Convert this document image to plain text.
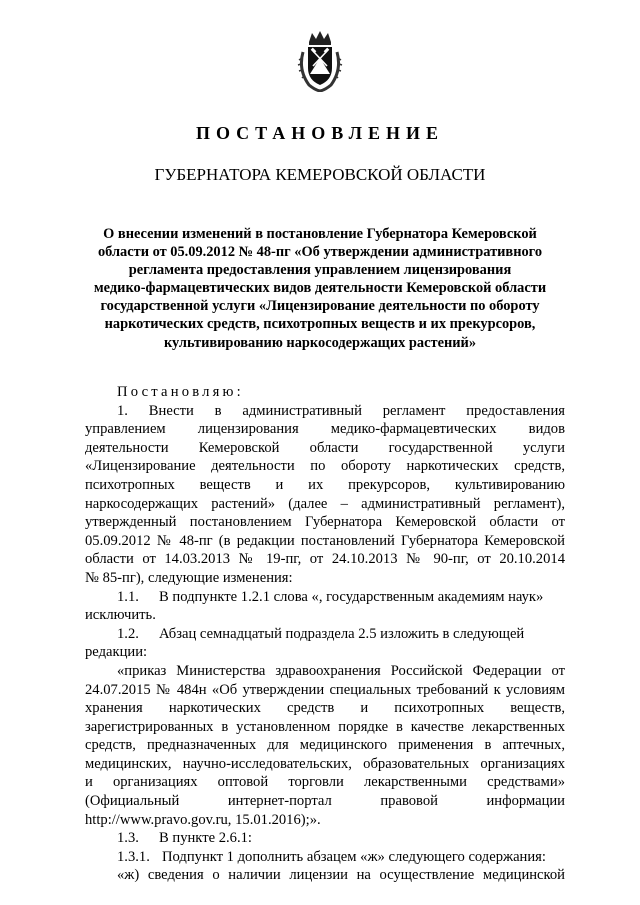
ПОСТАНОВЛЕНИЕ
ГУБЕРНАТОРА КЕМЕРОВСКОЙ ОБЛАСТИ
О внесении изменений в постановление Губернатора Кемеровской
области от 05.09.2012 № 48-пг «Об утверждении административного
регламента предоставления управлением лицензирования
медико-фармацевтических видов деятельности Кемеровской области
государственной услуги «Лицензирование деятельности по обороту
наркотических средств, психотропных веществ и их прекурсоров,
культивированию наркосодержащих растений»
Постановляю:
1. Внести в административный регламент предоставления
управлением лицензирования медико-фармацевтических видов
деятельности Кемеровской области государственной услуги
«Лицензирование деятельности по обороту наркотических средств,
психотропных веществ и их прекурсоров, культивированию
наркосодержащих растений» (далее – административный регламент),
утвержденный постановлением Губернатора Кемеровской области от
05.09.2012 № 48-пг (в редакции постановлений Губернатора Кемеровской
области от 14.03.2013 № 19-пг, от 24.10.2013 № 90-пг, от 20.10.2014
№ 85-пг), следующие изменения:
1.1. В подпункте 1.2.1 слова «, государственным академиям наук»
исключить.
1.2. Абзац семнадцатый подраздела 2.5 изложить в следующей
редакции:
«приказ Министерства здравоохранения Российской Федерации от
24.07.2015 № 484н «Об утверждении специальных требований к условиям
хранения наркотических средств и психотропных веществ,
зарегистрированных в установленном порядке в качестве лекарственных
средств, предназначенных для медицинского применения в аптечных,
медицинских, научно-исследовательских, образовательных организациях
и организациях оптовой торговли лекарственными средствами»
(Официальный интернет-портал правовой информации
http://www.pravo.gov.ru, 15.01.2016);».
1.3. В пункте 2.6.1:
1.3.1. Подпункт 1 дополнить абзацем «ж» следующего содержания:
«ж) сведения о наличии лицензии на осуществление медицинской
